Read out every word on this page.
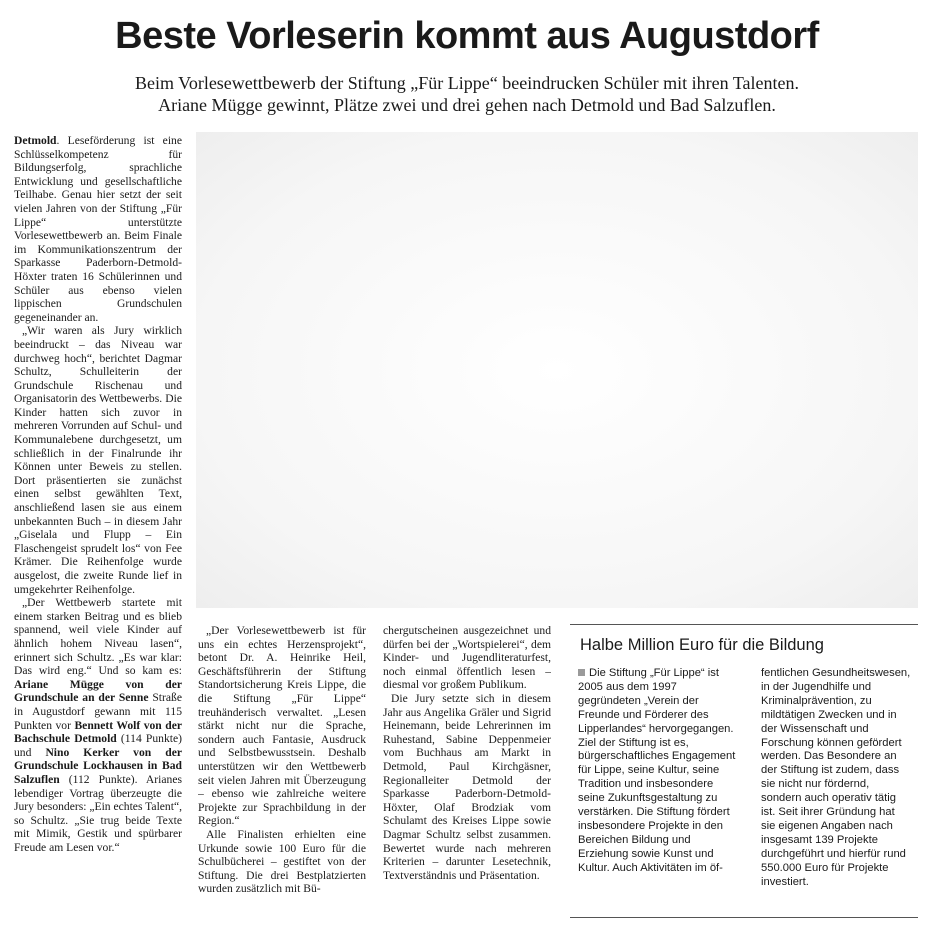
Beste Vorleserin kommt aus Augustdorf
Beim Vorlesewettbewerb der Stiftung „Für Lippe“ beeindrucken Schüler mit ihren Talenten.
Ariane Mügge gewinnt, Plätze zwei und drei gehen nach Detmold und Bad Salzuflen.

Detmold. Leseförderung ist eine Schlüsselkompetenz für Bildungserfolg, sprachliche Entwicklung und gesellschaftliche Teilhabe. Genau hier setzt der seit vielen Jahren von der Stiftung „Für Lippe“ unterstützte Vorlesewettbewerb an. Beim Finale im Kommunikationszentrum der Sparkasse Paderborn-Detmold-Höxter traten 16 Schülerinnen und Schüler aus ebenso vielen lippischen Grundschulen gegeneinander an.

„Wir waren als Jury wirklich beeindruckt – das Niveau war durchweg hoch“, berichtet Dagmar Schultz, Schulleiterin der Grundschule Rischenau und Organisatorin des Wettbewerbs. Die Kinder hatten sich zuvor in mehreren Vorrunden auf Schul- und Kommunalebene durchgesetzt, um schließlich in der Finalrunde ihr Können unter Beweis zu stellen. Dort präsentierten sie zunächst einen selbst gewählten Text, anschließend lasen sie aus einem unbekannten Buch – in diesem Jahr „Giselala und Flupp – Ein Flaschengeist sprudelt los“ von Fee Krämer. Die Reihenfolge wurde ausgelost, die zweite Runde lief in umgekehrter Reihenfolge.

„Der Wettbewerb startete mit einem starken Beitrag und es blieb spannend, weil viele Kinder auf ähnlich hohem Niveau lasen“, erinnert sich Schultz. „Es war klar: Das wird eng.“ Und so kam es: Ariane Mügge von der Grundschule an der Senne Straße in Augustdorf gewann mit 115 Punkten vor Bennett Wolf von der Bachschule Detmold (114 Punkte) und Nino Kerker von der Grundschule Lockhausen in Bad Salzuflen (112 Punkte). Arianes lebendiger Vortrag überzeugte die Jury besonders: „Ein echtes Talent“, so Schultz. „Sie trug beide Texte mit Mimik, Gestik und spürbarer Freude am Lesen vor.“

„Der Vorlesewettbewerb ist für uns ein echtes Herzensprojekt“, betont Dr. A. Heinrike Heil, Geschäftsführerin der Stiftung Standortsicherung Kreis Lippe, die die Stiftung „Für Lippe“ treuhänderisch verwaltet. „Lesen stärkt nicht nur die Sprache, sondern auch Fantasie, Ausdruck und Selbstbewusstsein. Deshalb unterstützen wir den Wettbewerb seit vielen Jahren mit Überzeugung – ebenso wie zahlreiche weitere Projekte zur Sprachbildung in der Region.“

Alle Finalisten erhielten eine Urkunde sowie 100 Euro für die Schulbücherei – gestiftet von der Stiftung. Die drei Bestplatzierten wurden zusätzlich mit Bü-

chergutscheinen ausgezeichnet und dürfen bei der „Wortspielerei“, dem Kinder- und Jugendliteraturfest, noch einmal öffentlich lesen – diesmal vor großem Publikum.

Die Jury setzte sich in diesem Jahr aus Angelika Gräler und Sigrid Heinemann, beide Lehrerinnen im Ruhestand, Sabine Deppenmeier vom Buchhaus am Markt in Detmold, Paul Kirchgäsner, Regionalleiter Detmold der Sparkasse Paderborn-Detmold-Höxter, Olaf Brodziak vom Schulamt des Kreises Lippe sowie Dagmar Schultz selbst zusammen. Bewertet wurde nach mehreren Kriterien – darunter Lesetechnik, Textverständnis und Präsentation.

Halbe Million Euro für die Bildung
Die Stiftung „Für Lippe“ ist 2005 aus dem 1997 gegründeten „Verein der Freunde und Förderer des Lipperlandes“ hervorgegangen. Ziel der Stiftung ist es, bürgerschaftliches Engagement für Lippe, seine Kultur, seine Tradition und insbesondere seine Zukunftsgestaltung zu verstärken. Die Stiftung fördert insbesondere Projekte in den Bereichen Bildung und Erziehung sowie Kunst und Kultur. Auch Aktivitäten im öf-
fentlichen Gesundheitswesen, in der Jugendhilfe und Kriminalprävention, zu mildtätigen Zwecken und in der Wissenschaft und Forschung können gefördert werden. Das Besondere an der Stiftung ist zudem, dass sie nicht nur fördernd, sondern auch operativ tätig ist. Seit ihrer Gründung hat sie eigenen Angaben nach insgesamt 139 Projekte durchgeführt und hierfür rund 550.000 Euro für Projekte investiert.
